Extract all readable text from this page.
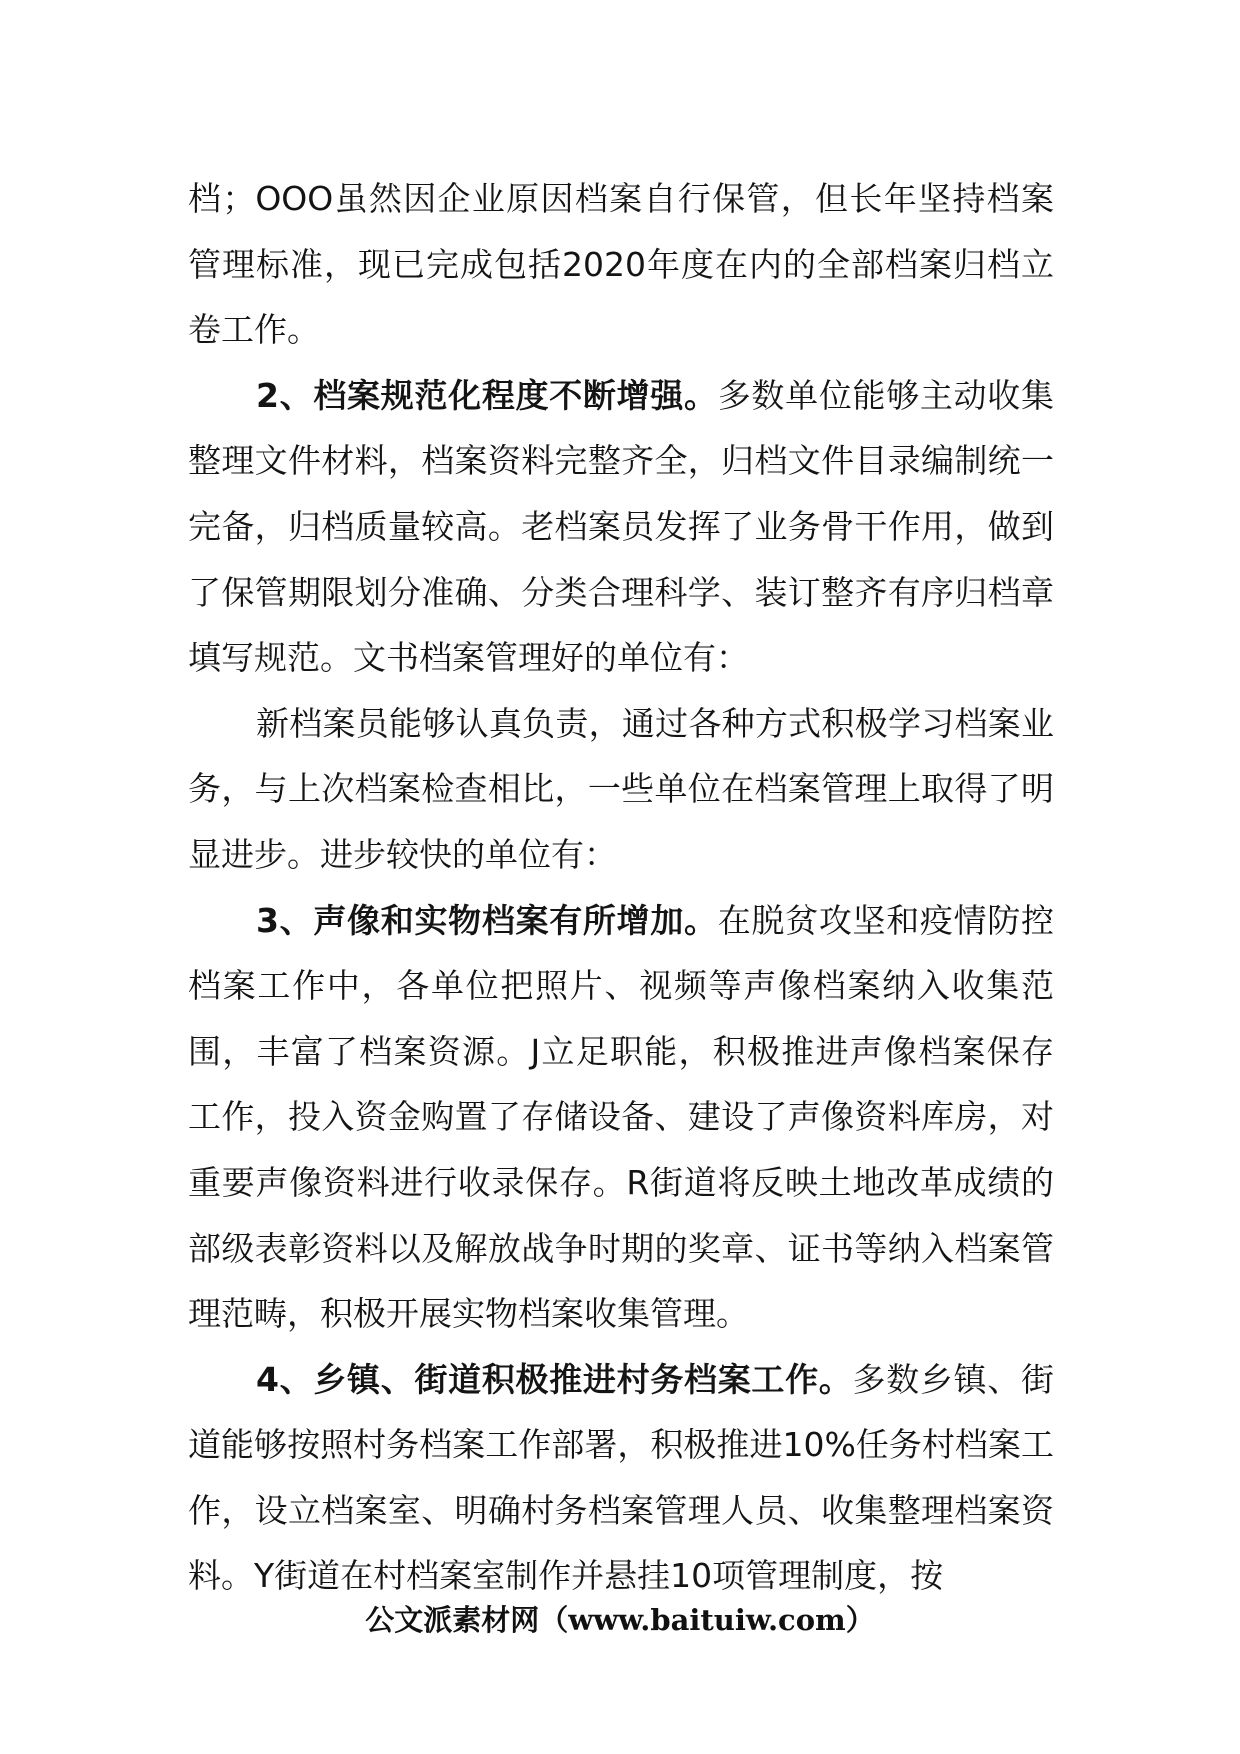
档；OOO虽然因企业原因档案自行保管，但长年坚持档案管理标准，现已完成包括2020年度在内的全部档案归档立卷工作。

2、档案规范化程度不断增强。多数单位能够主动收集整理文件材料，档案资料完整齐全，归档文件目录编制统一完备，归档质量较高。老档案员发挥了业务骨干作用，做到了保管期限划分准确、分类合理科学、装订整齐有序归档章填写规范。文书档案管理好的单位有：

新档案员能够认真负责，通过各种方式积极学习档案业务，与上次档案检查相比，一些单位在档案管理上取得了明显进步。进步较快的单位有：

3、声像和实物档案有所增加。在脱贫攻坚和疫情防控档案工作中，各单位把照片、视频等声像档案纳入收集范围，丰富了档案资源。J立足职能，积极推进声像档案保存工作，投入资金购置了存储设备、建设了声像资料库房，对重要声像资料进行收录保存。R街道将反映土地改革成绩的部级表彰资料以及解放战争时期的奖章、证书等纳入档案管理范畴，积极开展实物档案收集管理。

4、乡镇、街道积极推进村务档案工作。多数乡镇、街道能够按照村务档案工作部署，积极推进10%任务村档案工作，设立档案室、明确村务档案管理人员、收集整理档案资料。Y街道在村档案室制作并悬挂10项管理制度，按

公文派素材网（www.baituiw.com）
